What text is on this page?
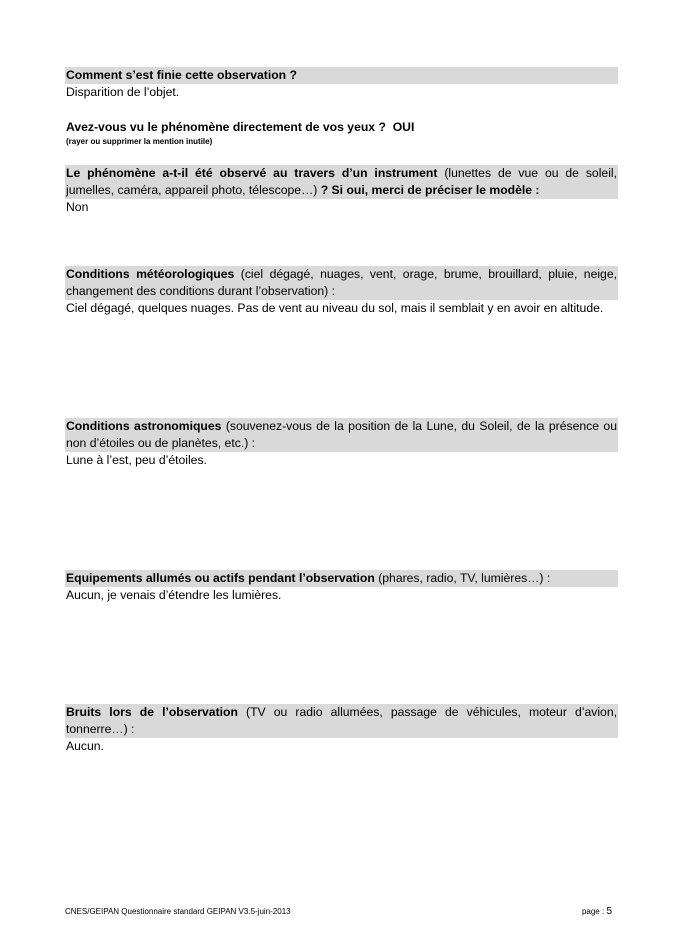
Comment s’est finie cette observation ?
Disparition de l’objet.
Avez-vous vu le phénomène directement de vos yeux ? OUI
(rayer ou supprimer la mention inutile)
Le phénomène a-t-il été observé au travers d’un instrument (lunettes de vue ou de soleil, jumelles, caméra, appareil photo, télescope…) ? Si oui, merci de préciser le modèle :
Non
Conditions météorologiques (ciel dégagé, nuages, vent, orage, brume, brouillard, pluie, neige, changement des conditions durant l’observation) :
Ciel dégagé, quelques nuages. Pas de vent au niveau du sol, mais il semblait y en avoir en altitude.
Conditions astronomiques (souvenez-vous de la position de la Lune, du Soleil, de la présence ou non d’étoiles ou de planètes, etc.) :
Lune à l’est, peu d’étoiles.
Equipements allumés ou actifs pendant l’observation (phares, radio, TV, lumières…) :
Aucun, je venais d’étendre les lumières.
Bruits lors de l’observation (TV ou radio allumées, passage de véhicules, moteur d’avion, tonnerre…) :
Aucun.
CNES/GEIPAN Questionnaire standard GEIPAN V3.5-juin-2013	page : 5
